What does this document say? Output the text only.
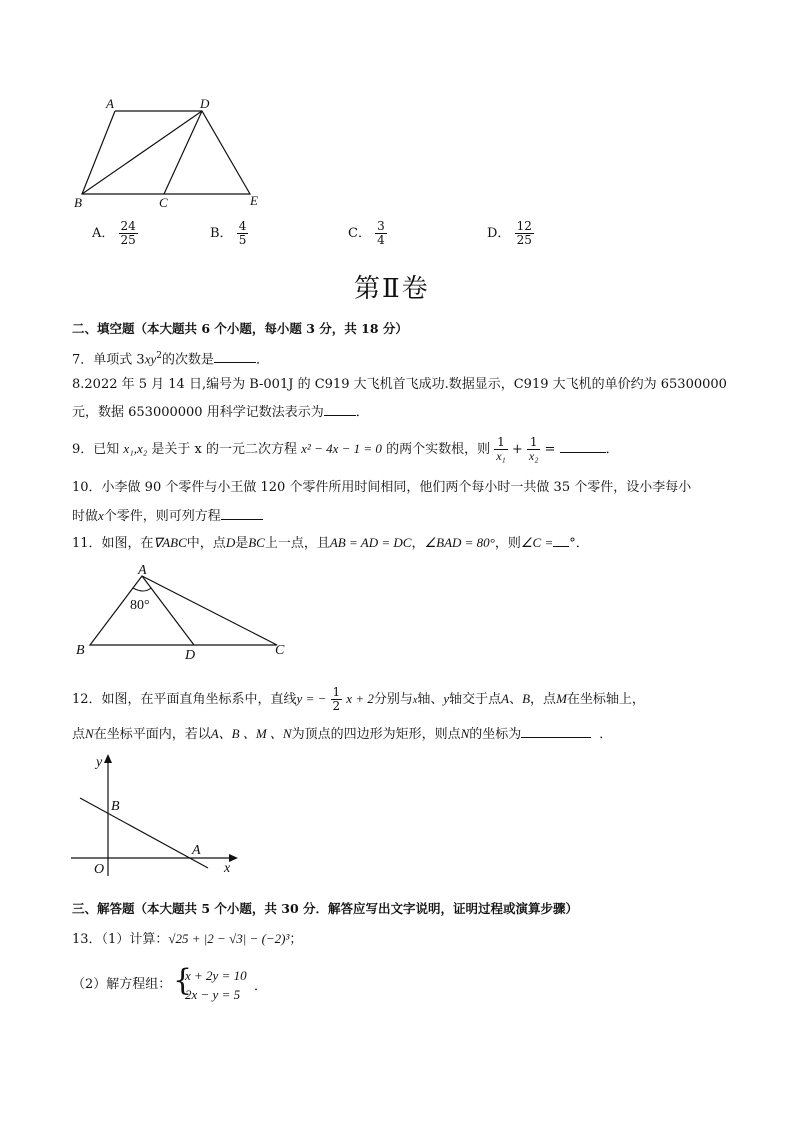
A	D
B	C	E
A． $\frac{24}{25}$	B． $\frac{4}{5}$	C． $\frac{3}{4}$	D． $\frac{12}{25}$
第Ⅱ卷
二、填空题（本大题共 6 个小题，每小题 3 分，共 18 分）
7．单项式 $3xy^2$的次数是	．
8.2022 年 5 月 14 日,编号为 B-001J 的 C919 大飞机首飞成功.数据显示，C919 大飞机的单价约为 65300000
元，数据 653000000 用科学记数法表示为 ．
9．已知 x₁,x₂ 是关于 x 的一元二次方程 x² − 4x − 1 = 0 的两个实数根，则 $\frac{1}{\text{x₁}} + \frac{1}{\text{x₂}}$ =	．
10．小李做 90 个零件与小王做 120 个零件所用时间相同，他们两个每小时一共做 35 个零件，设小李每小
时做x个零件，则可列方程
11．如图，在∇ABC中，点D是BC上一点，且AB = AD = DC，∠BAD = 80°，则∠C = °．
A
80°
B	D	C
12．如图，在平面直角坐标系中，直线y = − $\frac{1}{2}$ x + 2分别与x轴、y轴交于点A、B，点M在坐标轴上，
点N在坐标平面内，若以A、B 、M 、N为顶点的四边形为矩形，则点N的坐标为	．
y
B
A
O	x
三、解答题（本大题共 5 个小题，共 30 分．解答应写出文字说明，证明过程或演算步骤）
13．（1）计算：√25 + |2 − √3| − (−2)³；
（2）解方程组： {
x + 2y = 10
2x − y = 5
．
